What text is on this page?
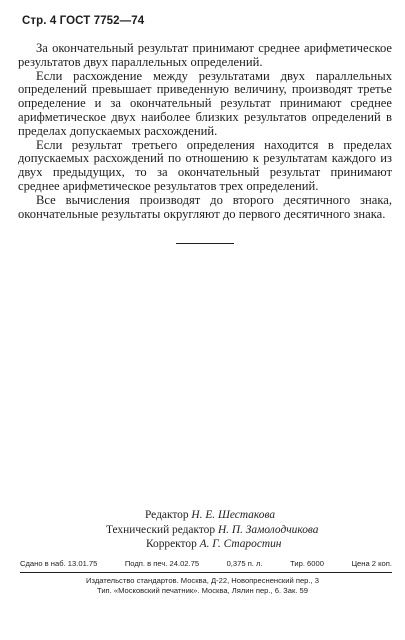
Стр. 4 ГОСТ 7752—74

За окончательный результат принимают среднее арифметическое результатов двух параллельных определений.

Если расхождение между результатами двух параллельных определений превышает приведенную величину, производят третье определение и за окончательный результат принимают среднее арифметическое двух наиболее близких результатов определений в пределах допускаемых расхождений.

Если результат третьего определения находится в пределах допускаемых расхождений по отношению к результатам каждого из двух предыдущих, то за окончательный результат принимают среднее арифметическое результатов трех определений.

Все вычисления производят до второго десятичного знака, окончательные результаты округляют до первого десятичного знака.

Редактор Н. Е. Шестакова
Технический редактор Н. П. Замолодчикова
Корректор А. Г. Старостин
Сдано в наб. 13.01.75	Подп. в печ. 24.02.75	0,375 п. л.	Тир. 6000	Цена 2 коп.
Издательство стандартов. Москва, Д-22, Новопресненский пер., 3
Тип. «Московский печатник». Москва, Лялин пер., 6. Зак. 59
